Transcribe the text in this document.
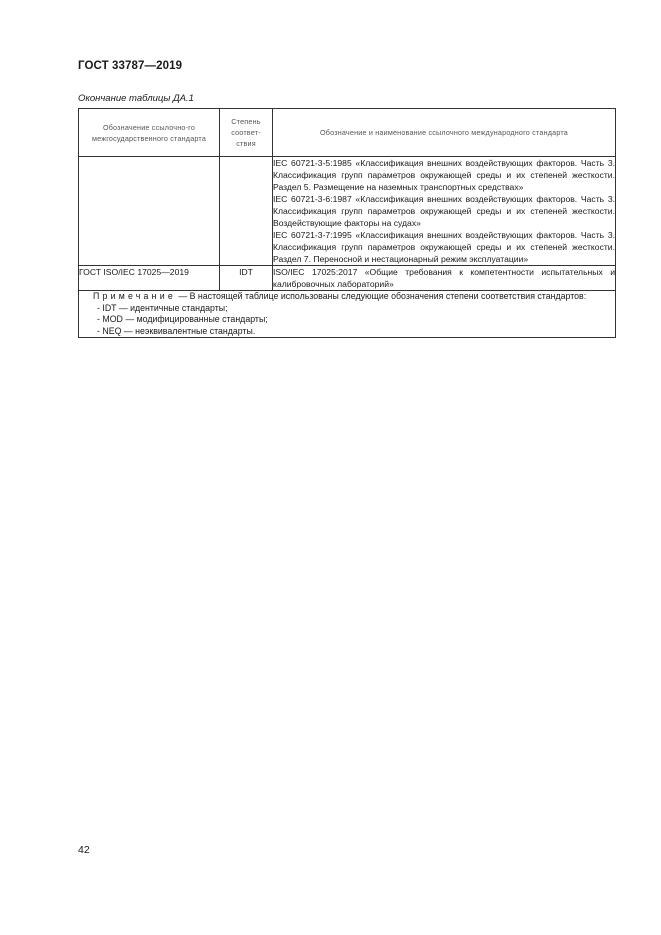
ГОСТ 33787—2019
Окончание таблицы ДА.1
Обозначение ссылочно-го межгосударственного стандарта	Степень соответ-ствия	Обозначение и наименование ссылочного международного стандарта

		IEC 60721-3-5:1985 «Классификация внешних воздействующих факторов. Часть 3. Классификация групп параметров окружающей среды и их степеней жесткости. Раздел 5. Размещение на наземных транспортных средствах»
IEC 60721-3-6:1987 «Классификация внешних воздействующих факторов. Часть 3. Классификация групп параметров окружающей среды и их степеней жесткости. Воздействующие факторы на судах»
IEC 60721-3-7:1995 «Классификация внешних воздействующих факторов. Часть 3. Классификация групп параметров окружающей среды и их степеней жесткости. Раздел 7. Переносной и нестационарный режим эксплуатации»

ГОСТ ISO/IEC 17025—2019	IDT	ISO/IEC 17025:2017 «Общие требования к компетентности испытательных и калибровочных лабораторий»

Примечание — В настоящей таблице использованы следующие обозначения степени соответствия стандартов:
- IDT — идентичные стандарты;
- MOD — модифицированные стандарты;
- NEQ — неэквивалентные стандарты.		
42
